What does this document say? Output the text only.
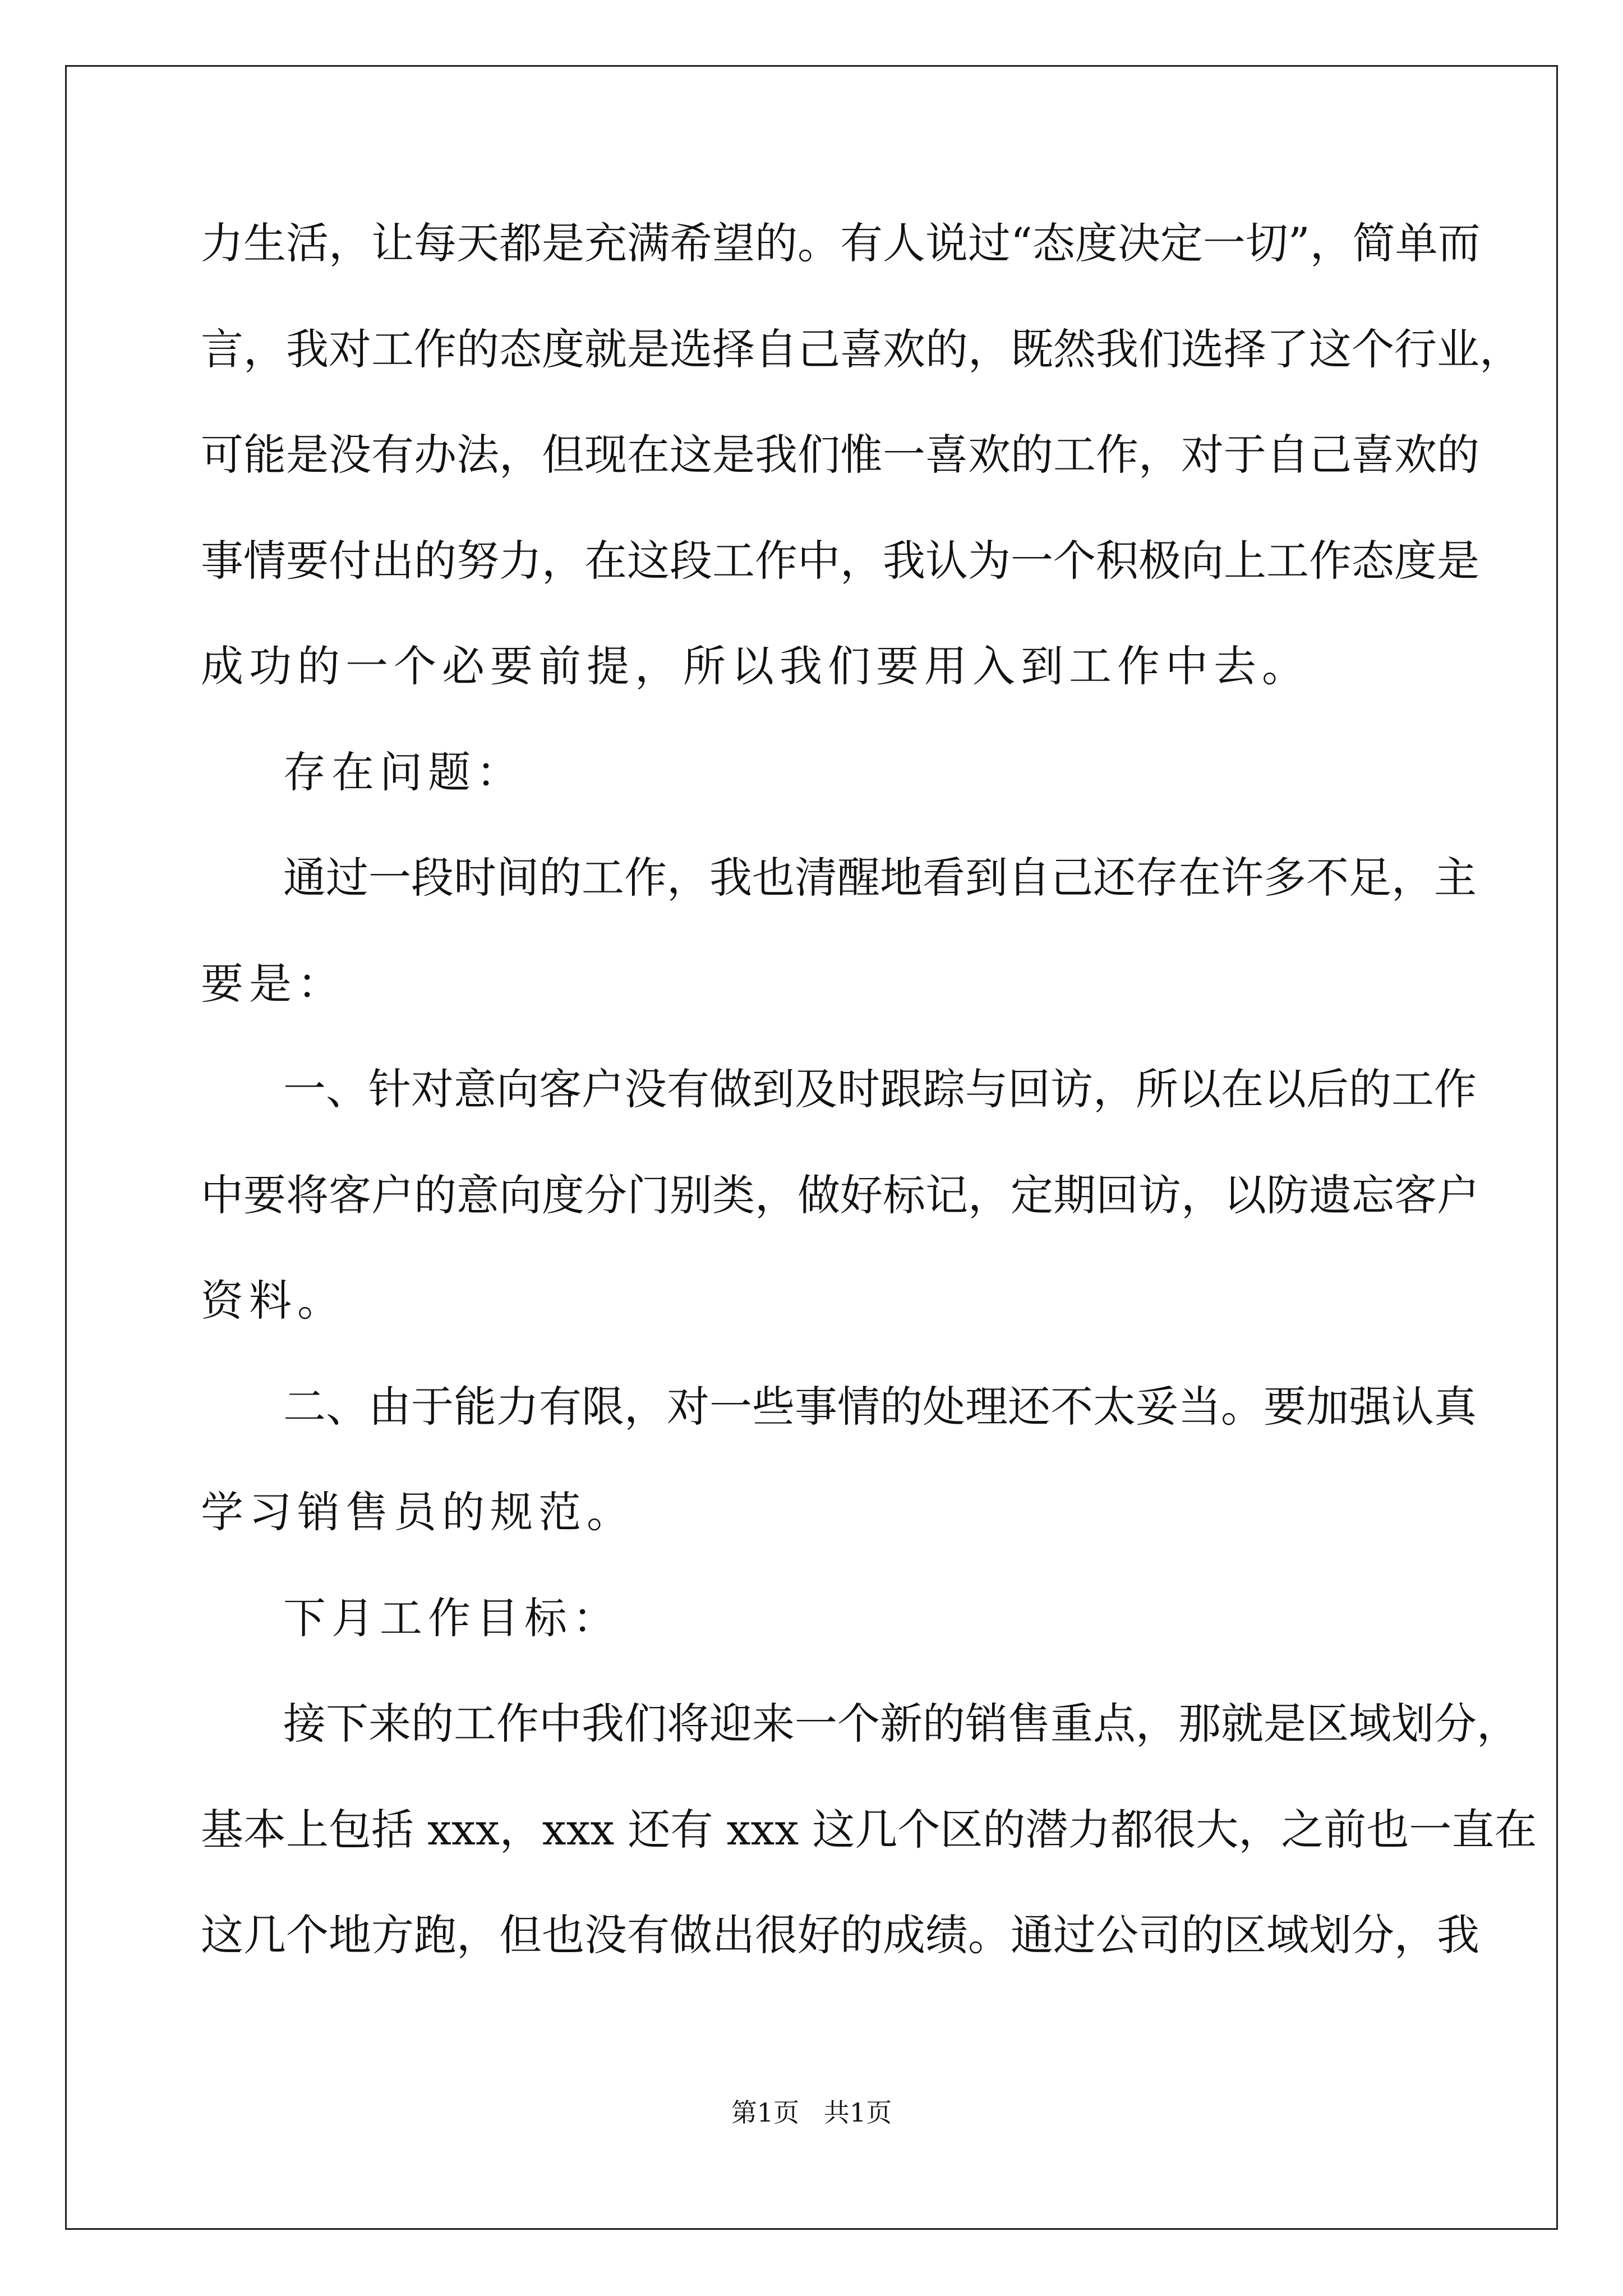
力生活，让每天都是充满希望的。有人说过“态度决定一切”，简单而
言，我对工作的态度就是选择自己喜欢的，既然我们选择了这个行业，
可能是没有办法，但现在这是我们惟一喜欢的工作，对于自己喜欢的
事情要付出的努力，在这段工作中，我认为一个积极向上工作态度是
成功的一个必要前提，所以我们要用入到工作中去。
存在问题：
通过一段时间的工作，我也清醒地看到自己还存在许多不足，主
要是：
一、针对意向客户没有做到及时跟踪与回访，所以在以后的工作
中要将客户的意向度分门别类，做好标记，定期回访，以防遗忘客户
资料。
二、由于能力有限，对一些事情的处理还不太妥当。要加强认真
学习销售员的规范。
下月工作目标：
接下来的工作中我们将迎来一个新的销售重点，那就是区域划分，
基本上包括 xxx，xxx 还有 xxx 这几个区的潜力都很大，之前也一直在
这几个地方跑，但也没有做出很好的成绩。通过公司的区域划分，我
第1页   共1页
